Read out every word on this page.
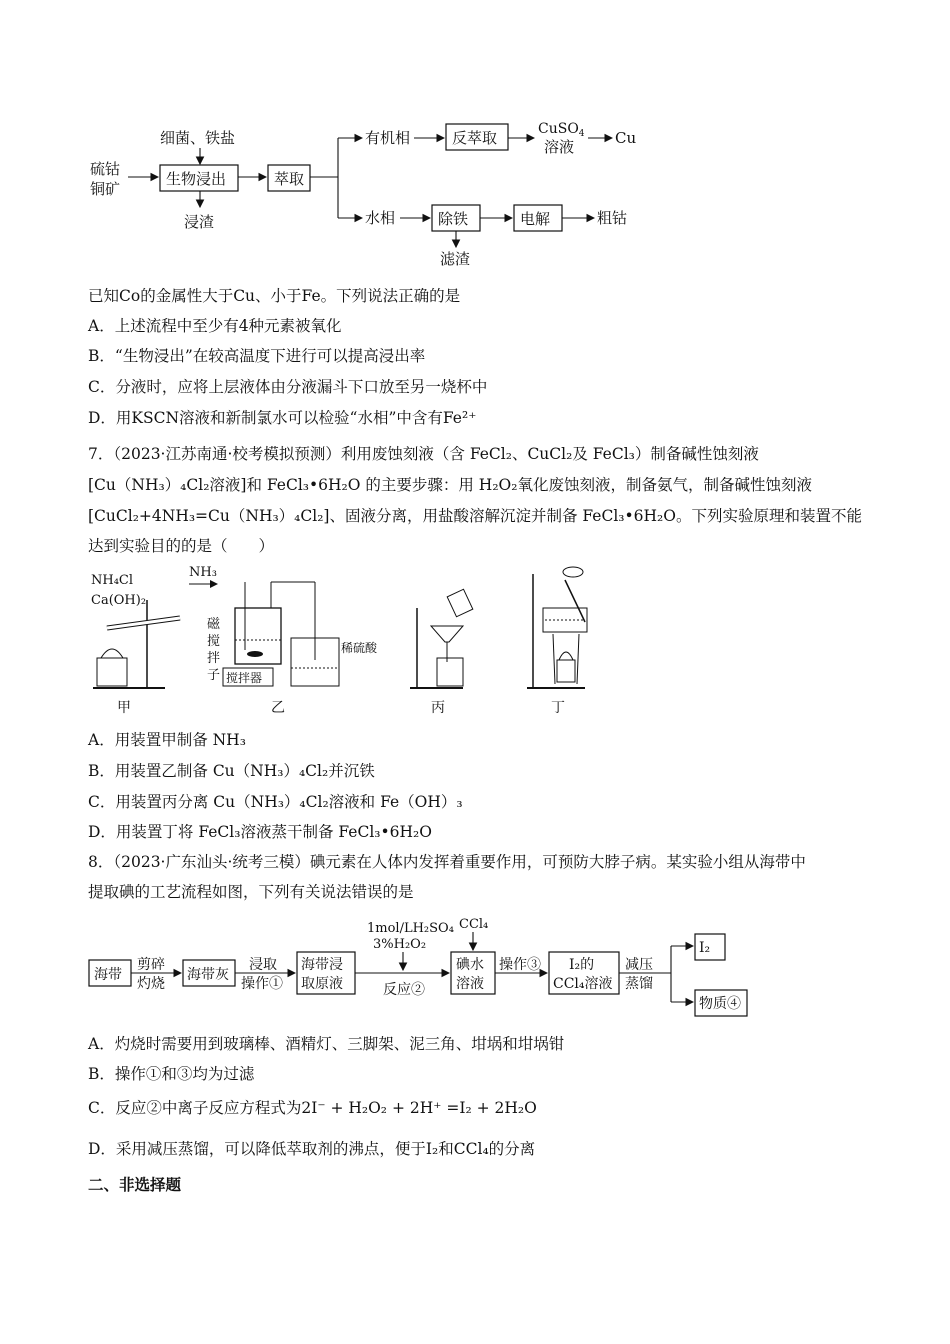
硫钴
铜矿
细菌、铁盐
生物浸出
浸渣
萃取
有机相	反萃取	CuSO$_4$
溶液	Cu
水相	除铁
滤渣
电解	粗钴
已知Co的金属性大于Cu、小于Fe。下列说法正确的是
A．上述流程中至少有4种元素被氧化
B．“生物浸出”在较高温度下进行可以提高浸出率
C．分液时，应将上层液体由分液漏斗下口放至另一烧杯中
D．用KSCN溶液和新制氯水可以检验“水相”中含有Fe²⁺
7．（2023·江苏南通·校考模拟预测）利用废蚀刻液（含 FeCl₂、CuCl₂及 FeCl₃）制备碱性蚀刻液
[Cu（NH₃）₄Cl₂溶液]和 FeCl₃•6H₂O 的主要步骤：用 H₂O₂氧化废蚀刻液，制备氨气，制备碱性蚀刻液
[CuCl₂+4NH₃=Cu（NH₃）₄Cl₂]、固液分离，用盐酸溶解沉淀并制备 FeCl₃•6H₂O。下列实验原理和装置不能
达到实验目的的是（　　）
NH₄Cl
Ca(OH)₂
NH₃
磁
搅
拌
子 搅拌器
稀硫酸
甲	乙	丙	丁
A．用装置甲制备 NH₃
B．用装置乙制备 Cu（NH₃）₄Cl₂并沉铁
C．用装置丙分离 Cu（NH₃）₄Cl₂溶液和 Fe（OH）₃
D．用装置丁将 FeCl₃溶液蒸干制备 FeCl₃•6H₂O
8．（2023·广东汕头·统考三模）碘元素在人体内发挥着重要作用，可预防大脖子病。某实验小组从海带中
提取碘的工艺流程如图，下列有关说法错误的是
海带
剪碎
灼烧
海带灰
浸取
操作①
海带浸
取原液
1mol/LH₂SO₄
3%H₂O₂
反应②
CCl₄
碘水
溶液
操作③ I₂的
CCl₄溶液
减压
蒸馏
I₂
物质④
A．灼烧时需要用到玻璃棒、酒精灯、三脚架、泥三角、坩埚和坩埚钳
B．操作①和③均为过滤
C．反应②中离子反应方程式为2I⁻ + H₂O₂ + 2H⁺ =I₂ + 2H₂O
D．采用减压蒸馏，可以降低萃取剂的沸点，便于I₂和CCl₄的分离
二、非选择题
